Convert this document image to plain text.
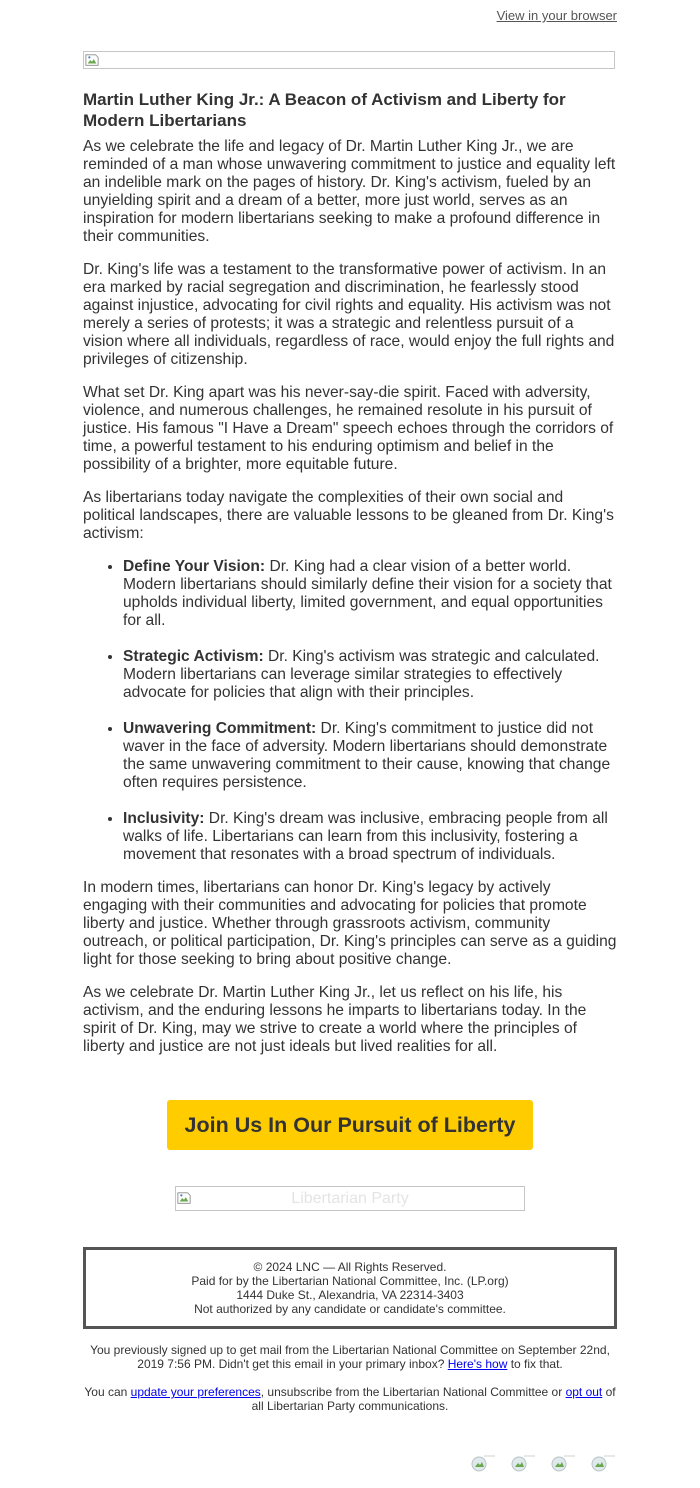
View in your browser
Martin Luther King Jr.: A Beacon of Activism and Liberty for Modern Libertarians

As we celebrate the life and legacy of Dr. Martin Luther King Jr., we are reminded of a man whose unwavering commitment to justice and equality left an indelible mark on the pages of history. Dr. King's activism, fueled by an unyielding spirit and a dream of a better, more just world, serves as an inspiration for modern libertarians seeking to make a profound difference in their communities.

Dr. King's life was a testament to the transformative power of activism. In an era marked by racial segregation and discrimination, he fearlessly stood against injustice, advocating for civil rights and equality. His activism was not merely a series of protests; it was a strategic and relentless pursuit of a vision where all individuals, regardless of race, would enjoy the full rights and privileges of citizenship.

What set Dr. King apart was his never-say-die spirit. Faced with adversity, violence, and numerous challenges, he remained resolute in his pursuit of justice. His famous "I Have a Dream" speech echoes through the corridors of time, a powerful testament to his enduring optimism and belief in the possibility of a brighter, more equitable future.

As libertarians today navigate the complexities of their own social and political landscapes, there are valuable lessons to be gleaned from Dr. King's activism:

• Define Your Vision: Dr. King had a clear vision of a better world. Modern libertarians should similarly define their vision for a society that upholds individual liberty, limited government, and equal opportunities for all.
• Strategic Activism: Dr. King's activism was strategic and calculated. Modern libertarians can leverage similar strategies to effectively advocate for policies that align with their principles.
• Unwavering Commitment: Dr. King's commitment to justice did not waver in the face of adversity. Modern libertarians should demonstrate the same unwavering commitment to their cause, knowing that change often requires persistence.
• Inclusivity: Dr. King's dream was inclusive, embracing people from all walks of life. Libertarians can learn from this inclusivity, fostering a movement that resonates with a broad spectrum of individuals.

In modern times, libertarians can honor Dr. King's legacy by actively engaging with their communities and advocating for policies that promote liberty and justice. Whether through grassroots activism, community outreach, or political participation, Dr. King's principles can serve as a guiding light for those seeking to bring about positive change.

As we celebrate Dr. Martin Luther King Jr., let us reflect on his life, his activism, and the enduring lessons he imparts to libertarians today. In the spirit of Dr. King, may we strive to create a world where the principles of liberty and justice are not just ideals but lived realities for all.

Join Us In Our Pursuit of Liberty
Libertarian Party
© 2024 LNC — All Rights Reserved.
Paid for by the Libertarian National Committee, Inc. (LP.org)
1444 Duke St., Alexandria, VA 22314-3403
Not authorized by any candidate or candidate's committee.
You previously signed up to get mail from the Libertarian National Committee on September 22nd, 2019 7:56 PM. Didn't get this email in your primary inbox? Here's how to fix that.
You can update your preferences, unsubscribe from the Libertarian National Committee or opt out of all Libertarian Party communications.
